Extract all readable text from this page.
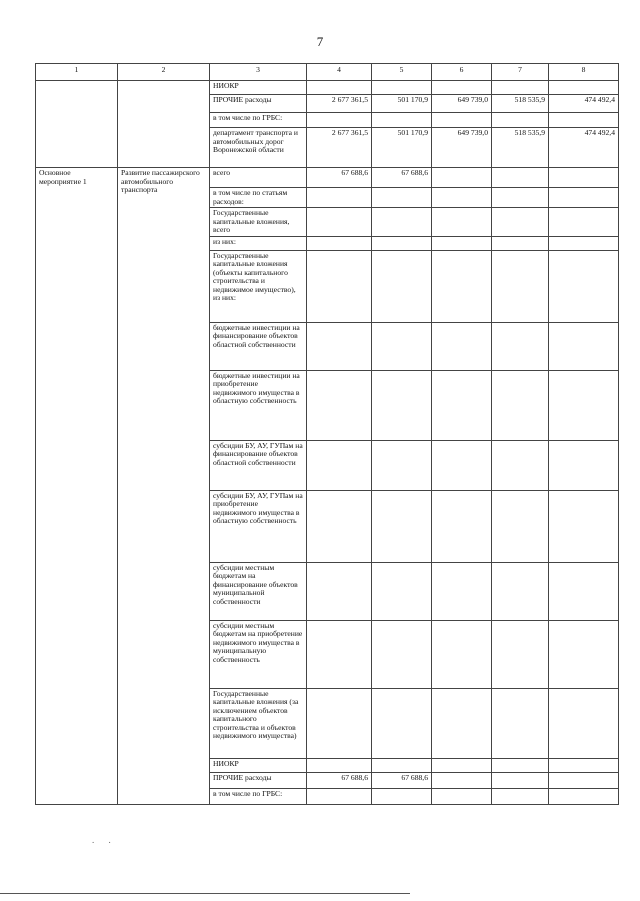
7
1	2	3	4	5	6	7	8
		НИОКР					
		ПРОЧИЕ расходы	2 677 361,5	501 170,9	649 739,0	518 535,9	474 492,4
		в том числе по ГРБС:					
		департамент транспорта и автомобильных дорог Воронежской области	2 677 361,5	501 170,9	649 739,0	518 535,9	474 492,4
Основное мероприятие 1	Развитие пассажирского автомобильного транспорта	всего	67 688,6	67 688,6			
		в том числе по статьям расходов:					
		Государственные капитальные вложения, всего					
		из них:					
		Государственные капитальные вложения (объекты капитального строительства и недвижимое имущество), из них:					
		бюджетные инвестиции на финансирование объектов областной собственности					
		бюджетные инвестиции на приобретение недвижимого имущества в областную собственность					
		субсидии БУ, АУ, ГУПам на финансирование объектов областной собственности					
		субсидии БУ, АУ, ГУПам на приобретение недвижимого имущества в областную собственность					
		субсидии местным бюджетам на финансирование объектов муниципальной собственности					
		субсидии местным бюджетам на приобретение недвижимого имущества в муниципальную собственность					
		Государственные капитальные вложения (за исключением объектов капитального строительства и объектов недвижимого имущества)					
		НИОКР					
		ПРОЧИЕ расходы	67 688,6	67 688,6			
		в том числе по ГРБС:					
. .
